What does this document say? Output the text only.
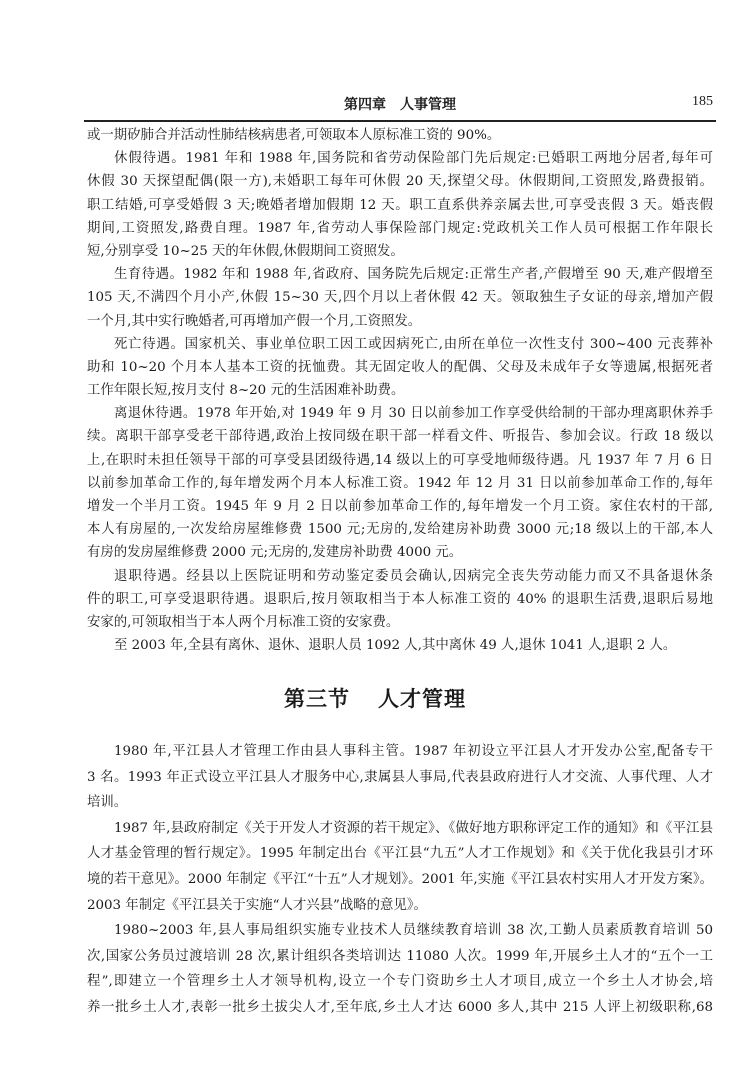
第四章　人事管理	185
或一期矽肺合并活动性肺结核病患者,可领取本人原标准工资的 90%。
休假待遇。1981 年和 1988 年,国务院和省劳动保险部门先后规定:已婚职工两地分居者,每年可
休假 30 天探望配偶(限一方),未婚职工每年可休假 20 天,探望父母。休假期间,工资照发,路费报销。
职工结婚,可享受婚假 3 天;晚婚者增加假期 12 天。职工直系供养亲属去世,可享受丧假 3 天。婚丧假
期间,工资照发,路费自理。1987 年,省劳动人事保险部门规定:党政机关工作人员可根据工作年限长
短,分别享受 10~25 天的年休假,休假期间工资照发。
生育待遇。1982 年和 1988 年,省政府、国务院先后规定:正常生产者,产假增至 90 天,难产假增至
105 天,不满四个月小产,休假 15~30 天,四个月以上者休假 42 天。领取独生子女证的母亲,增加产假
一个月,其中实行晚婚者,可再增加产假一个月,工资照发。
死亡待遇。国家机关、事业单位职工因工或因病死亡,由所在单位一次性支付 300~400 元丧葬补
助和 10~20 个月本人基本工资的抚恤费。其无固定收人的配偶、父母及未成年子女等遗属,根据死者
工作年限长短,按月支付 8~20 元的生活困难补助费。
离退休待遇。1978 年开始,对 1949 年 9 月 30 日以前参加工作享受供给制的干部办理离职休养手
续。离职干部享受老干部待遇,政治上按同级在职干部一样看文件、听报告、参加会议。行政 18 级以
上,在职时未担任领导干部的可享受县团级待遇,14 级以上的可享受地师级待遇。凡 1937 年 7 月 6 日
以前参加革命工作的,每年增发两个月本人标准工资。1942 年 12 月 31 日以前参加革命工作的,每年
增发一个半月工资。1945 年 9 月 2 日以前参加革命工作的,每年增发一个月工资。家住农村的干部,
本人有房屋的,一次发给房屋维修费 1500 元;无房的,发给建房补助费 3000 元;18 级以上的干部,本人
有房的发房屋维修费 2000 元;无房的,发建房补助费 4000 元。
退职待遇。经县以上医院证明和劳动鉴定委员会确认,因病完全丧失劳动能力而又不具备退休条
件的职工,可享受退职待遇。退职后,按月领取相当于本人标准工资的 40% 的退职生活费,退职后易地
安家的,可领取相当于本人两个月标准工资的安家费。
至 2003 年,全县有离休、退休、退职人员 1092 人,其中离休 49 人,退休 1041 人,退职 2 人。
第三节 人才管理
1980 年,平江县人才管理工作由县人事科主管。1987 年初设立平江县人才开发办公室,配备专干
3 名。1993 年正式设立平江县人才服务中心,隶属县人事局,代表县政府进行人才交流、人事代理、人才
培训。
1987 年,县政府制定《关于开发人才资源的若干规定》、《做好地方职称评定工作的通知》和《平江县
人才基金管理的暂行规定》。1995 年制定出台《平江县“九五”人才工作规划》和《关于优化我县引才环
境的若干意见》。2000 年制定《平江“十五”人才规划》。2001 年,实施《平江县农村实用人才开发方案》。
2003 年制定《平江县关于实施“人才兴县”战略的意见》。
1980~2003 年,县人事局组织实施专业技术人员继续教育培训 38 次,工勤人员素质教育培训 50
次,国家公务员过渡培训 28 次,累计组织各类培训达 11080 人次。1999 年,开展乡土人才的“五个一工
程”,即建立一个管理乡土人才领导机构,设立一个专门资助乡土人才项目,成立一个乡土人才协会,培
养一批乡土人才,表彰一批乡土拔尖人才,至年底,乡土人才达 6000 多人,其中 215 人评上初级职称,68
